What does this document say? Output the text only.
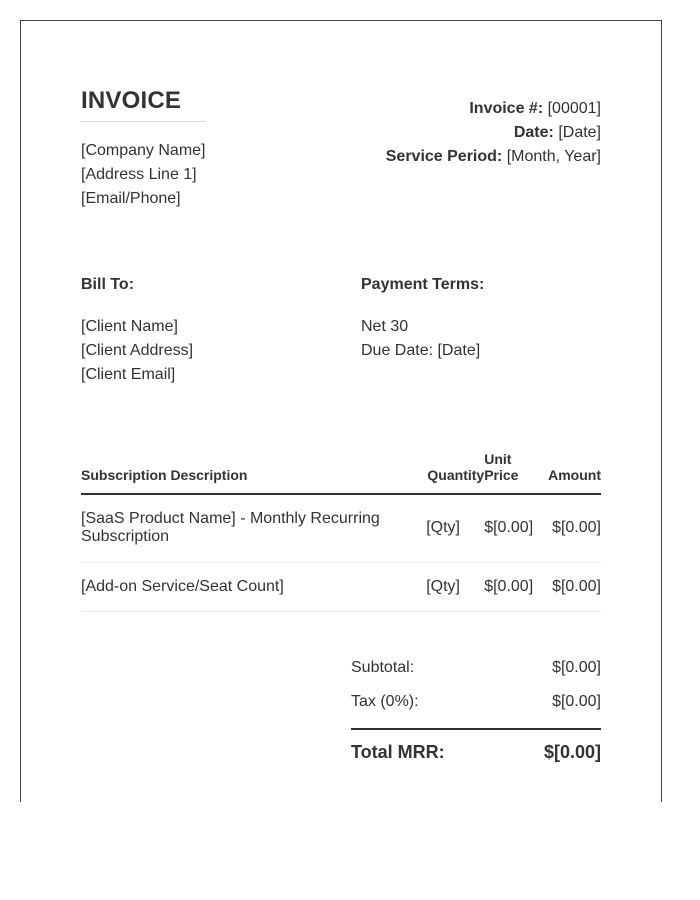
INVOICE
[Company Name]
[Address Line 1]
[Email/Phone]
Invoice #: [00001]
Date: [Date]
Service Period: [Month, Year]
Bill To:
[Client Name]
[Client Address]
[Client Email]
Payment Terms:
Net 30
Due Date: [Date]
Subscription Description	Quantity	Unit Price	Amount
[SaaS Product Name] - Monthly Recurring Subscription	[Qty]	$[0.00]	$[0.00]
[Add-on Service/Seat Count]	[Qty]	$[0.00]	$[0.00]
Subtotal:	$[0.00]
Tax (0%):	$[0.00]
Total MRR:	$[0.00]
